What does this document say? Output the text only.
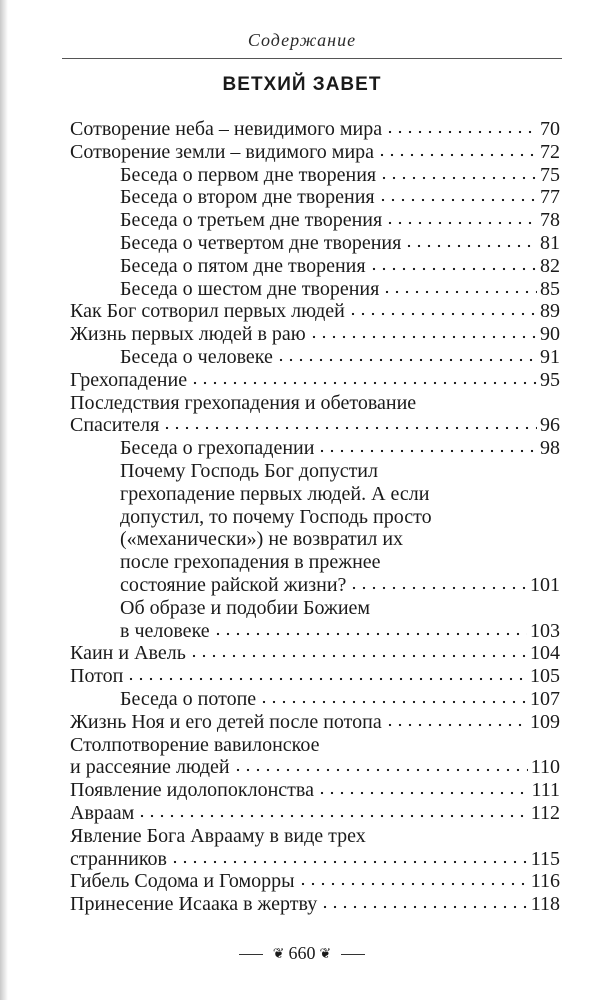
Содержание
ВЕТХИЙ ЗАВЕТ
Сотворение неба – невидимого мира	70
Сотворение земли – видимого мира	72
Беседа о первом дне творения	75
Беседа о втором дне творения	77
Беседа о третьем дне творения	78
Беседа о четвертом дне творения	81
Беседа о пятом дне творения	82
Беседа о шестом дне творения	85
Как Бог сотворил первых людей	89
Жизнь первых людей в раю	90
Беседа о человеке	91
Грехопадение	95
Последствия грехопадения и обетование
Спасителя	96
Беседа о грехопадении	98
Почему Господь Бог допустил
грехопадение первых людей. А если
допустил, то почему Господь просто
(«механически») не возвратил их
после грехопадения в прежнее
состояние райской жизни?	101
Об образе и подобии Божием
в человеке	103
Каин и Авель	104
Потоп	105
Беседа о потопе	107
Жизнь Ноя и его детей после потопа	109
Столпотворение вавилонское
и рассеяние людей	110
Появление идолопоклонства	111
Авраам	112
Явление Бога Аврааму в виде трех
странников	115
Гибель Содома и Гоморры	116
Принесение Исаака в жертву	118
❦ 660 ❦
